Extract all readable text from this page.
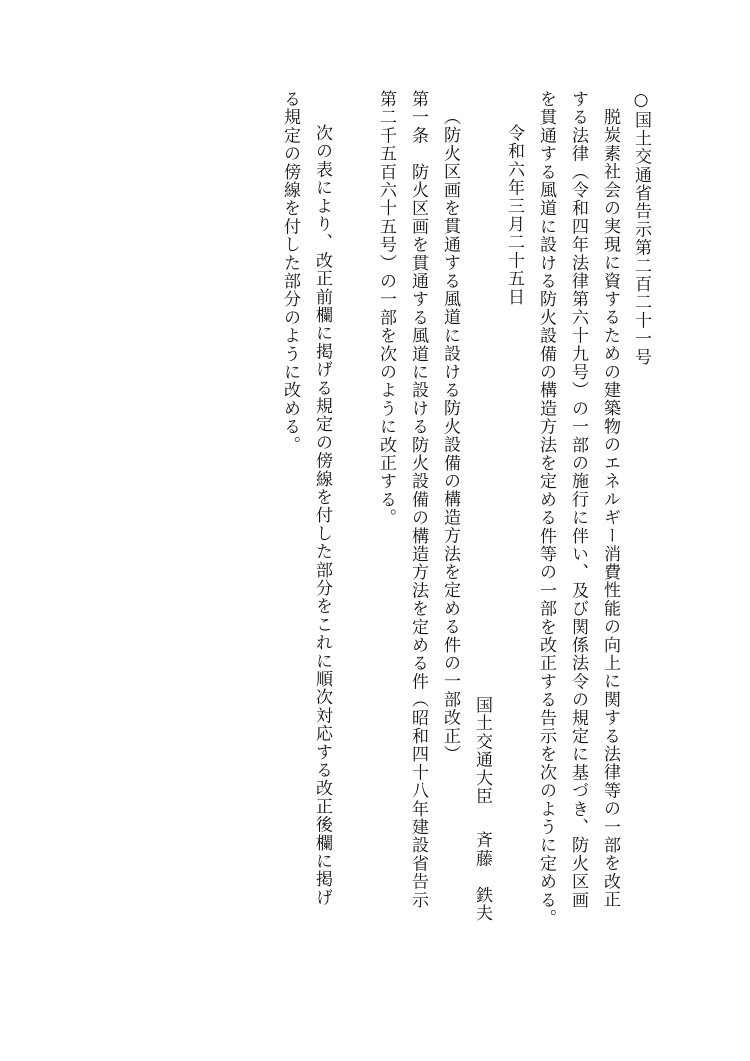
○国土交通省告示第二百二十一号

脱炭素社会の実現に資するための建築物のエネルギー消費性能の向上に関する法律等の一部を改正

する法律（令和四年法律第六十九号）の一部の施行に伴い、及び関係法令の規定に基づき、防火区画

を貫通する風道に設ける防火設備の構造方法を定める件等の一部を改正する告示を次のように定める。

令和六年三月二十五日

国土交通大臣斉藤　鉄夫

（防火区画を貫通する風道に設ける防火設備の構造方法を定める件の一部改正）

第一条　防火区画を貫通する風道に設ける防火設備の構造方法を定める件（昭和四十八年建設省告示

第二千五百六十五号）の一部を次のように改正する。

次の表により、改正前欄に掲げる規定の傍線を付した部分をこれに順次対応する改正後欄に掲げ

る規定の傍線を付した部分のように改める。
